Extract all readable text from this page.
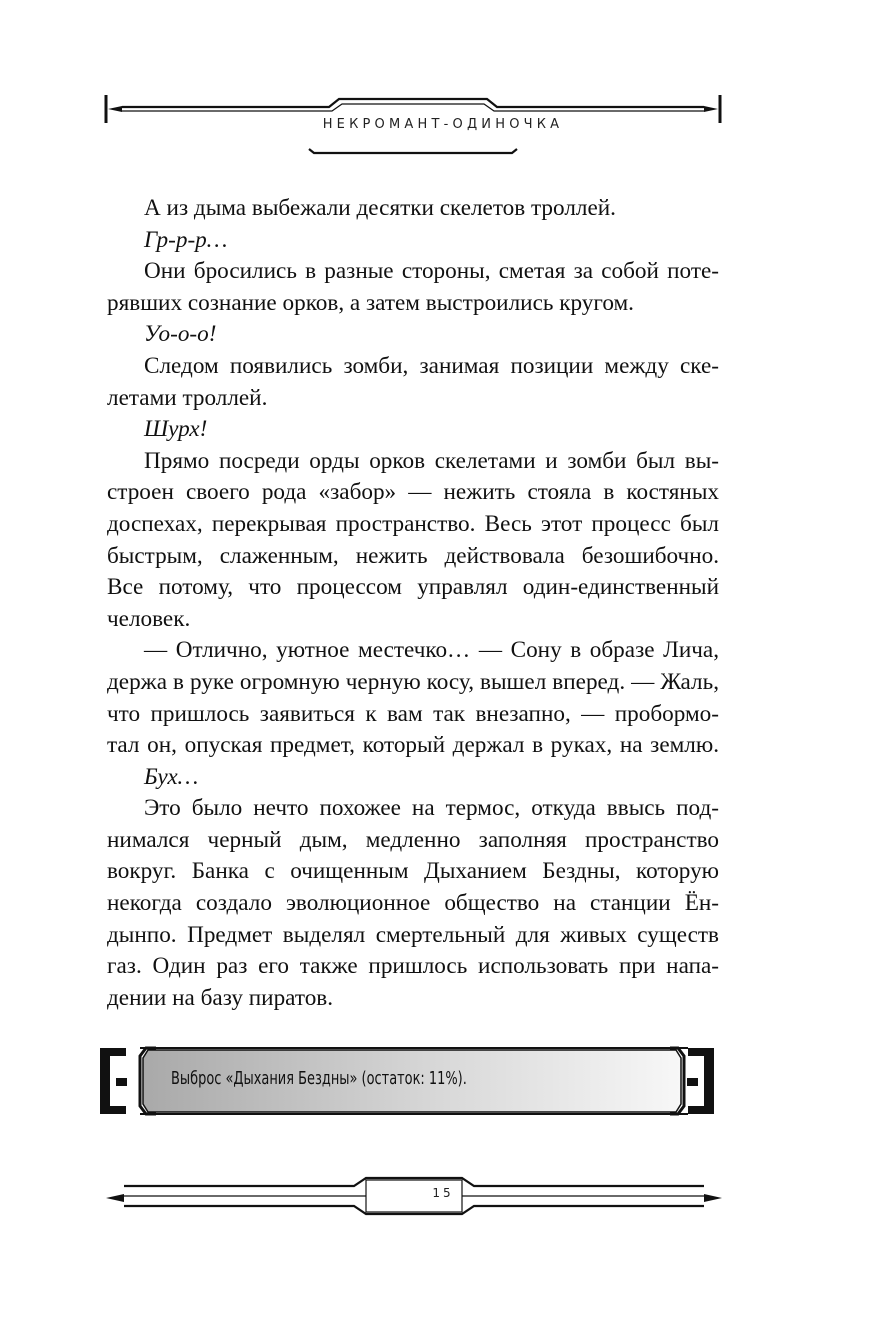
НЕКРОМАНТ-ОДИНОЧКА
А из дыма выбежали десятки скелетов троллей.
Гр-р-р…
Они бросились в разные стороны, сметая за собой поте-
рявших сознание орков, а затем выстроились кругом.
Уо-о-о!
Следом появились зомби, занимая позиции между ске-
летами троллей.
Шурх!
Прямо посреди орды орков скелетами и зомби был вы-
строен своего рода «забор» — нежить стояла в костяных
доспехах, перекрывая пространство. Весь этот процесс был
быстрым, слаженным, нежить действовала безошибочно.
Все потому, что процессом управлял один-единственный
человек.
— Отлично, уютное местечко… — Сону в образе Лича,
держа в руке огромную черную косу, вышел вперед. — Жаль,
что пришлось заявиться к вам так внезапно, — пробормо-
тал он, опуская предмет, который держал в руках, на землю.
Бух…
Это было нечто похожее на термос, откуда ввысь под-
нимался черный дым, медленно заполняя пространство
вокруг. Банка с очищенным Дыханием Бездны, которую
некогда создало эволюционное общество на станции Ён-
дынпо. Предмет выделял смертельный для живых существ
газ. Один раз его также пришлось использовать при напа-
дении на базу пиратов.
Выброс «Дыхания Бездны» (остаток: 11%).
15
